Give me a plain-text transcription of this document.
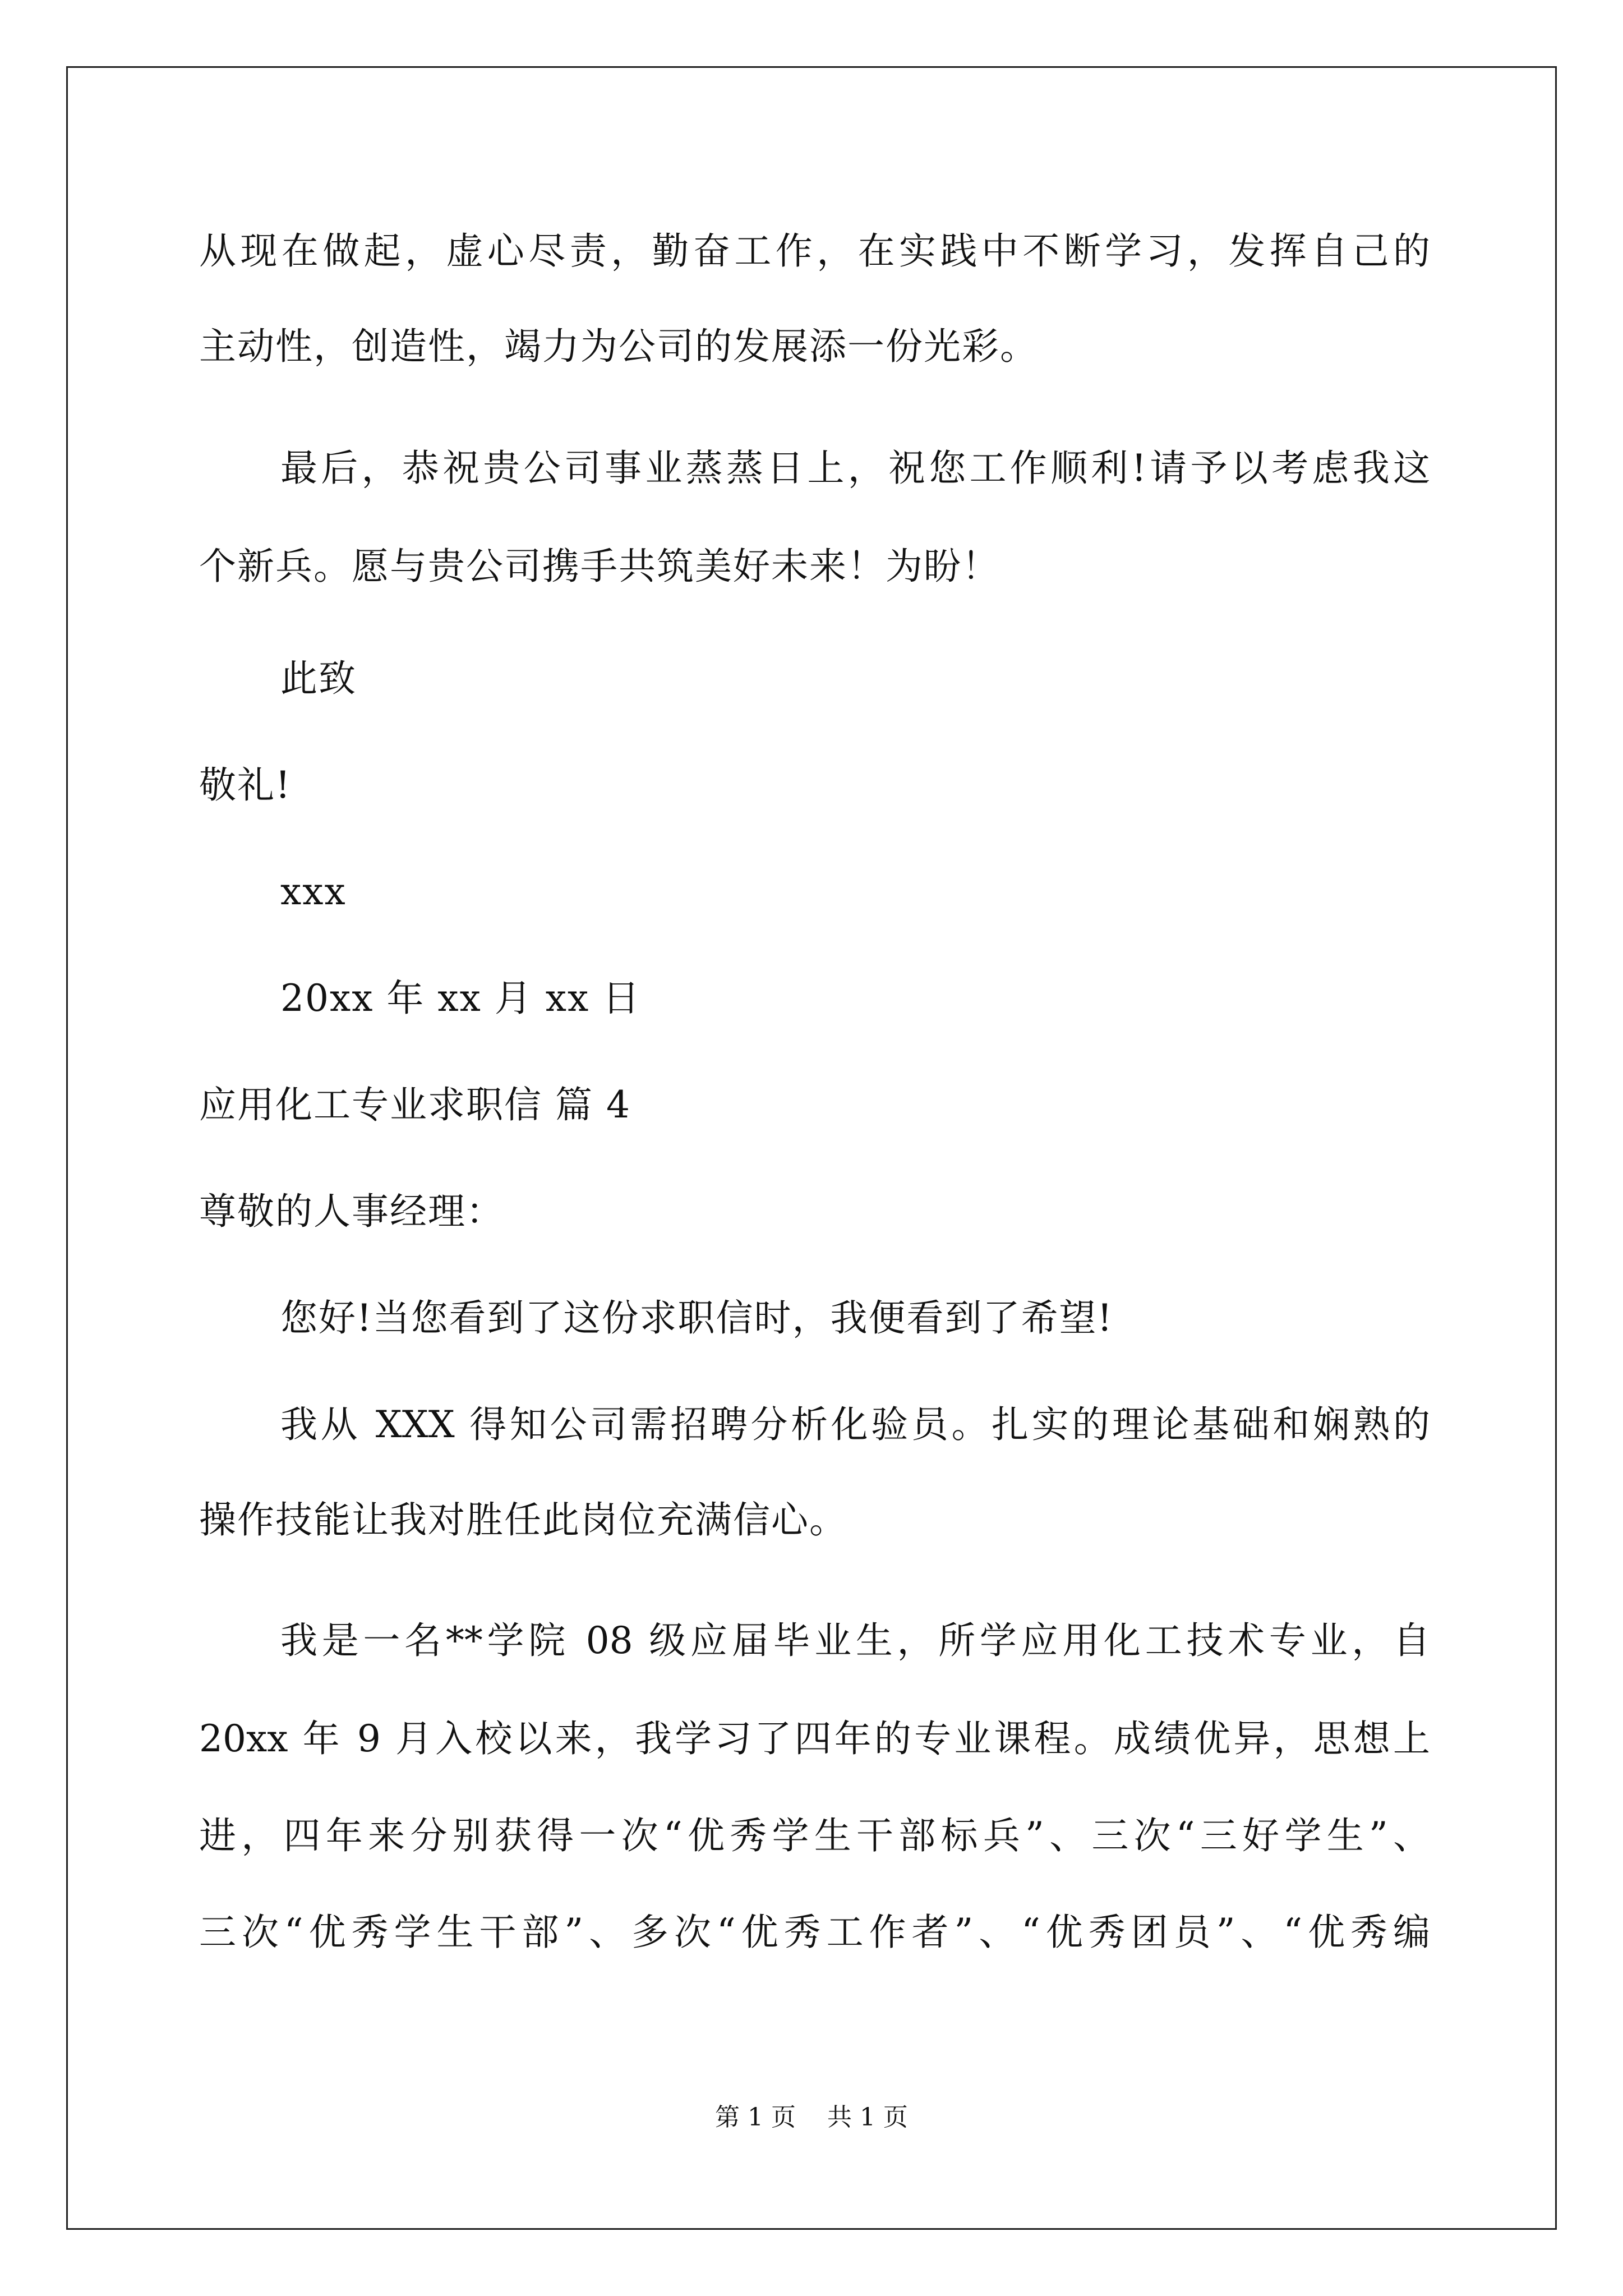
从现在做起，虚心尽责，勤奋工作，在实践中不断学习，发挥自己的
主动性，创造性，竭力为公司的发展添一份光彩。
最后，恭祝贵公司事业蒸蒸日上，祝您工作顺利!请予以考虑我这
个新兵。愿与贵公司携手共筑美好未来！为盼！
此致
敬礼!
xxx
20xx 年 xx 月 xx 日
应用化工专业求职信 篇 4
尊敬的人事经理：
您好!当您看到了这份求职信时，我便看到了希望!
我从 XXX 得知公司需招聘分析化验员。扎实的理论基础和娴熟的
操作技能让我对胜任此岗位充满信心。
我是一名**学院 08 级应届毕业生，所学应用化工技术专业，自
20xx 年 9 月入校以来，我学习了四年的专业课程。成绩优异，思想上
进，四年来分别获得一次“优秀学生干部标兵”、三次“三好学生”、
三次“优秀学生干部”、多次“优秀工作者”、“优秀团员”、“优秀编
第 1 页    共 1 页
